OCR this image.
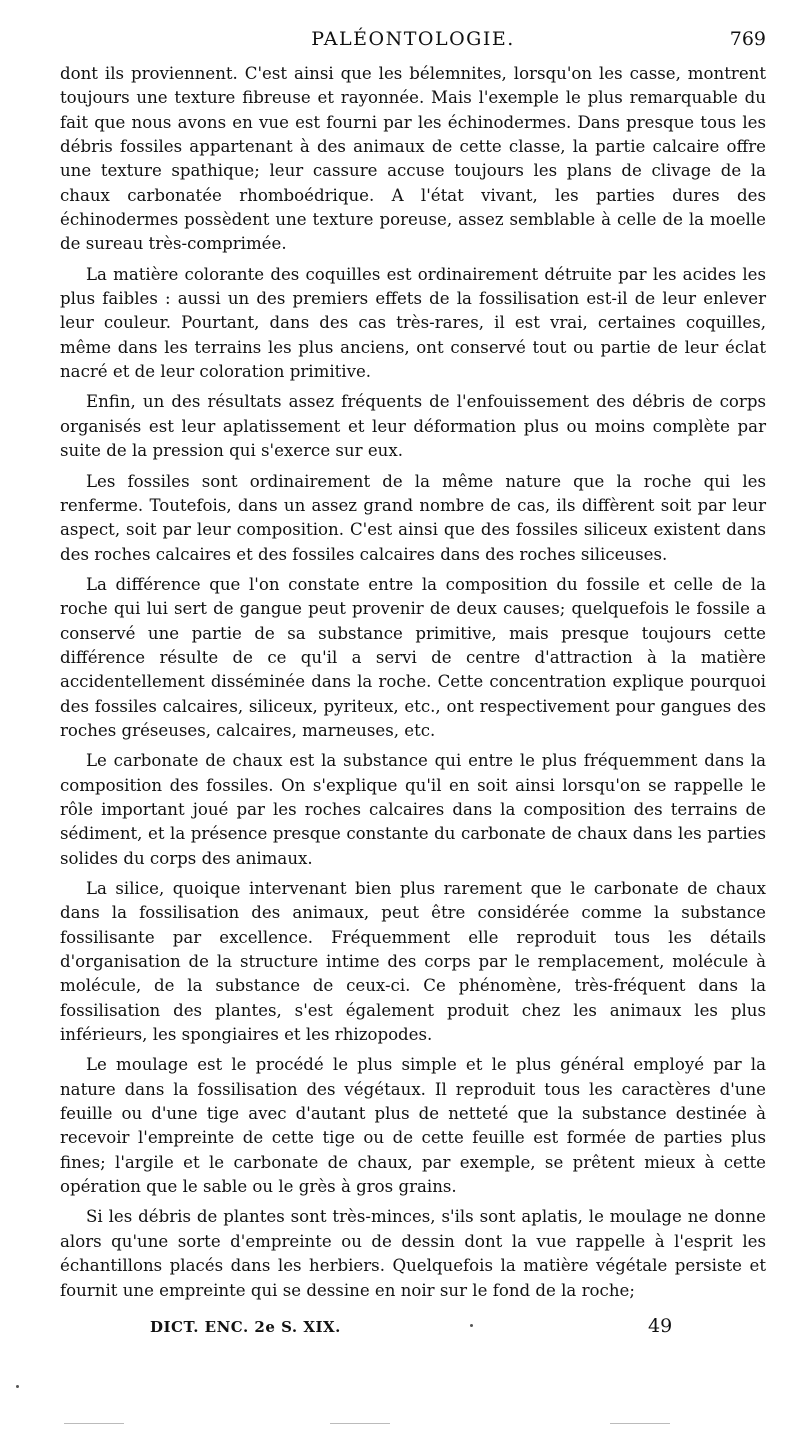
PALÉONTOLOGIE.	769

dont ils proviennent. C'est ainsi que les bélemnites, lorsqu'on les casse, montrent toujours une texture fibreuse et rayonnée. Mais l'exemple le plus remarquable du fait que nous avons en vue est fourni par les échinodermes. Dans presque tous les débris fossiles appartenant à des animaux de cette classe, la partie calcaire offre une texture spathique; leur cassure accuse toujours les plans de clivage de la chaux carbonatée rhomboédrique. A l'état vivant, les parties dures des échinodermes possèdent une texture poreuse, assez semblable à celle de la moelle de sureau très-comprimée.

La matière colorante des coquilles est ordinairement détruite par les acides les plus faibles : aussi un des premiers effets de la fossilisation est-il de leur enlever leur couleur. Pourtant, dans des cas très-rares, il est vrai, certaines coquilles, même dans les terrains les plus anciens, ont conservé tout ou partie de leur éclat nacré et de leur coloration primitive.

Enfin, un des résultats assez fréquents de l'enfouissement des débris de corps organisés est leur aplatissement et leur déformation plus ou moins complète par suite de la pression qui s'exerce sur eux.

Les fossiles sont ordinairement de la même nature que la roche qui les renferme. Toutefois, dans un assez grand nombre de cas, ils diffèrent soit par leur aspect, soit par leur composition. C'est ainsi que des fossiles siliceux existent dans des roches calcaires et des fossiles calcaires dans des roches siliceuses.

La différence que l'on constate entre la composition du fossile et celle de la roche qui lui sert de gangue peut provenir de deux causes; quelquefois le fossile a conservé une partie de sa substance primitive, mais presque toujours cette différence résulte de ce qu'il a servi de centre d'attraction à la matière accidentellement disséminée dans la roche. Cette concentration explique pourquoi des fossiles calcaires, siliceux, pyriteux, etc., ont respectivement pour gangues des roches gréseuses, calcaires, marneuses, etc.

Le carbonate de chaux est la substance qui entre le plus fréquemment dans la composition des fossiles. On s'explique qu'il en soit ainsi lorsqu'on se rappelle le rôle important joué par les roches calcaires dans la composition des terrains de sédiment, et la présence presque constante du carbonate de chaux dans les parties solides du corps des animaux.

La silice, quoique intervenant bien plus rarement que le carbonate de chaux dans la fossilisation des animaux, peut être considérée comme la substance fossilisante par excellence. Fréquemment elle reproduit tous les détails d'organisation de la structure intime des corps par le remplacement, molécule à molécule, de la substance de ceux-ci. Ce phénomène, très-fréquent dans la fossilisation des plantes, s'est également produit chez les animaux les plus inférieurs, les spongiaires et les rhizopodes.

Le moulage est le procédé le plus simple et le plus général employé par la nature dans la fossilisation des végétaux. Il reproduit tous les caractères d'une feuille ou d'une tige avec d'autant plus de netteté que la substance destinée à recevoir l'empreinte de cette tige ou de cette feuille est formée de parties plus fines; l'argile et le carbonate de chaux, par exemple, se prêtent mieux à cette opération que le sable ou le grès à gros grains.

Si les débris de plantes sont très-minces, s'ils sont aplatis, le moulage ne donne alors qu'une sorte d'empreinte ou de dessin dont la vue rappelle à l'esprit les échantillons placés dans les herbiers. Quelquefois la matière végétale persiste et fournit une empreinte qui se dessine en noir sur le fond de la roche;

DICT. ENC. 2e S. XIX.	49
